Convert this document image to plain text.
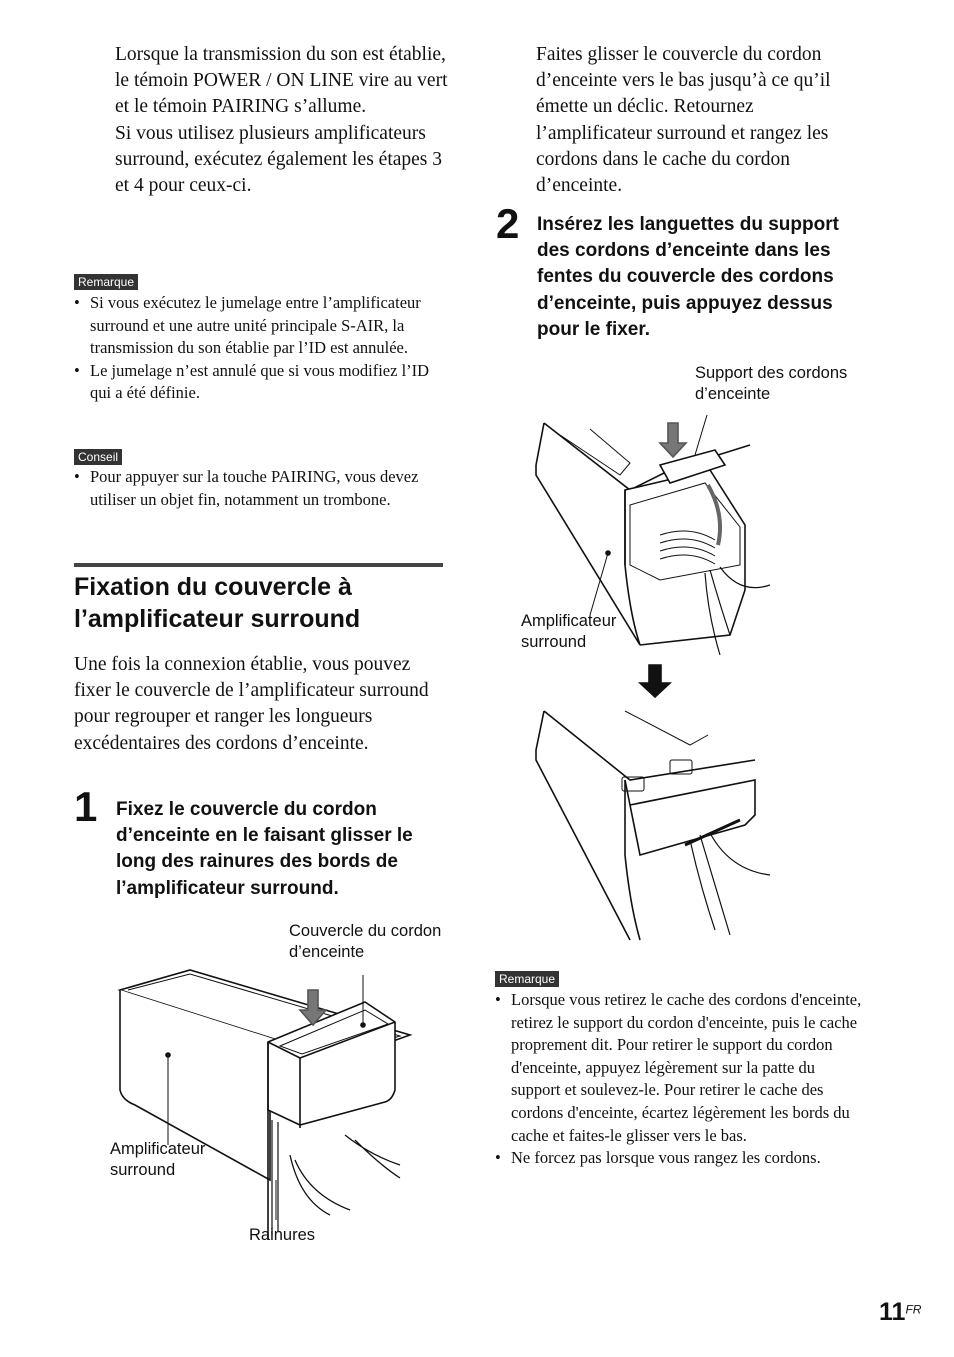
Lorsque la transmission du son est établie, le témoin POWER / ON LINE vire au vert et le témoin PAIRING s’allume.

Si vous utilisez plusieurs amplificateurs surround, exécutez également les étapes 3 et 4 pour ceux-ci.

Remarque
• Si vous exécutez le jumelage entre l’amplificateur surround et une autre unité principale S-AIR, la transmission du son établie par l’ID est annulée.
• Le jumelage n’est annulé que si vous modifiez l’ID qui a été définie.
Conseil
• Pour appuyer sur la touche PAIRING, vous devez utiliser un objet fin, notamment un trombone.
Fixation du couvercle à
l’amplificateur surround
Une fois la connexion établie, vous pouvez fixer le couvercle de l’amplificateur surround pour regrouper et ranger les longueurs excédentaires des cordons d’enceinte.
1 Fixez le couvercle du cordon d’enceinte en le faisant glisser le long des rainures des bords de l’amplificateur surround.
Couvercle du cordon d’enceinte
Amplificateur surround
Rainures
Faites glisser le couvercle du cordon d’enceinte vers le bas jusqu’à ce qu’il émette un déclic. Retournez l’amplificateur surround et rangez les cordons dans le cache du cordon d’enceinte.
2 Insérez les languettes du support des cordons d’enceinte dans les fentes du couvercle des cordons d’enceinte, puis appuyez dessus pour le fixer.
Support des cordons d’enceinte
Amplificateur surround
Remarque
• Lorsque vous retirez le cache des cordons d'enceinte, retirez le support du cordon d'enceinte, puis le cache proprement dit. Pour retirer le support du cordon d'enceinte, appuyez légèrement sur la patte du support et soulevez-le. Pour retirer le cache des cordons d'enceinte, écartez légèrement les bords du cache et faites-le glisser vers le bas.
• Ne forcez pas lorsque vous rangez les cordons.
$11^{FR}$
